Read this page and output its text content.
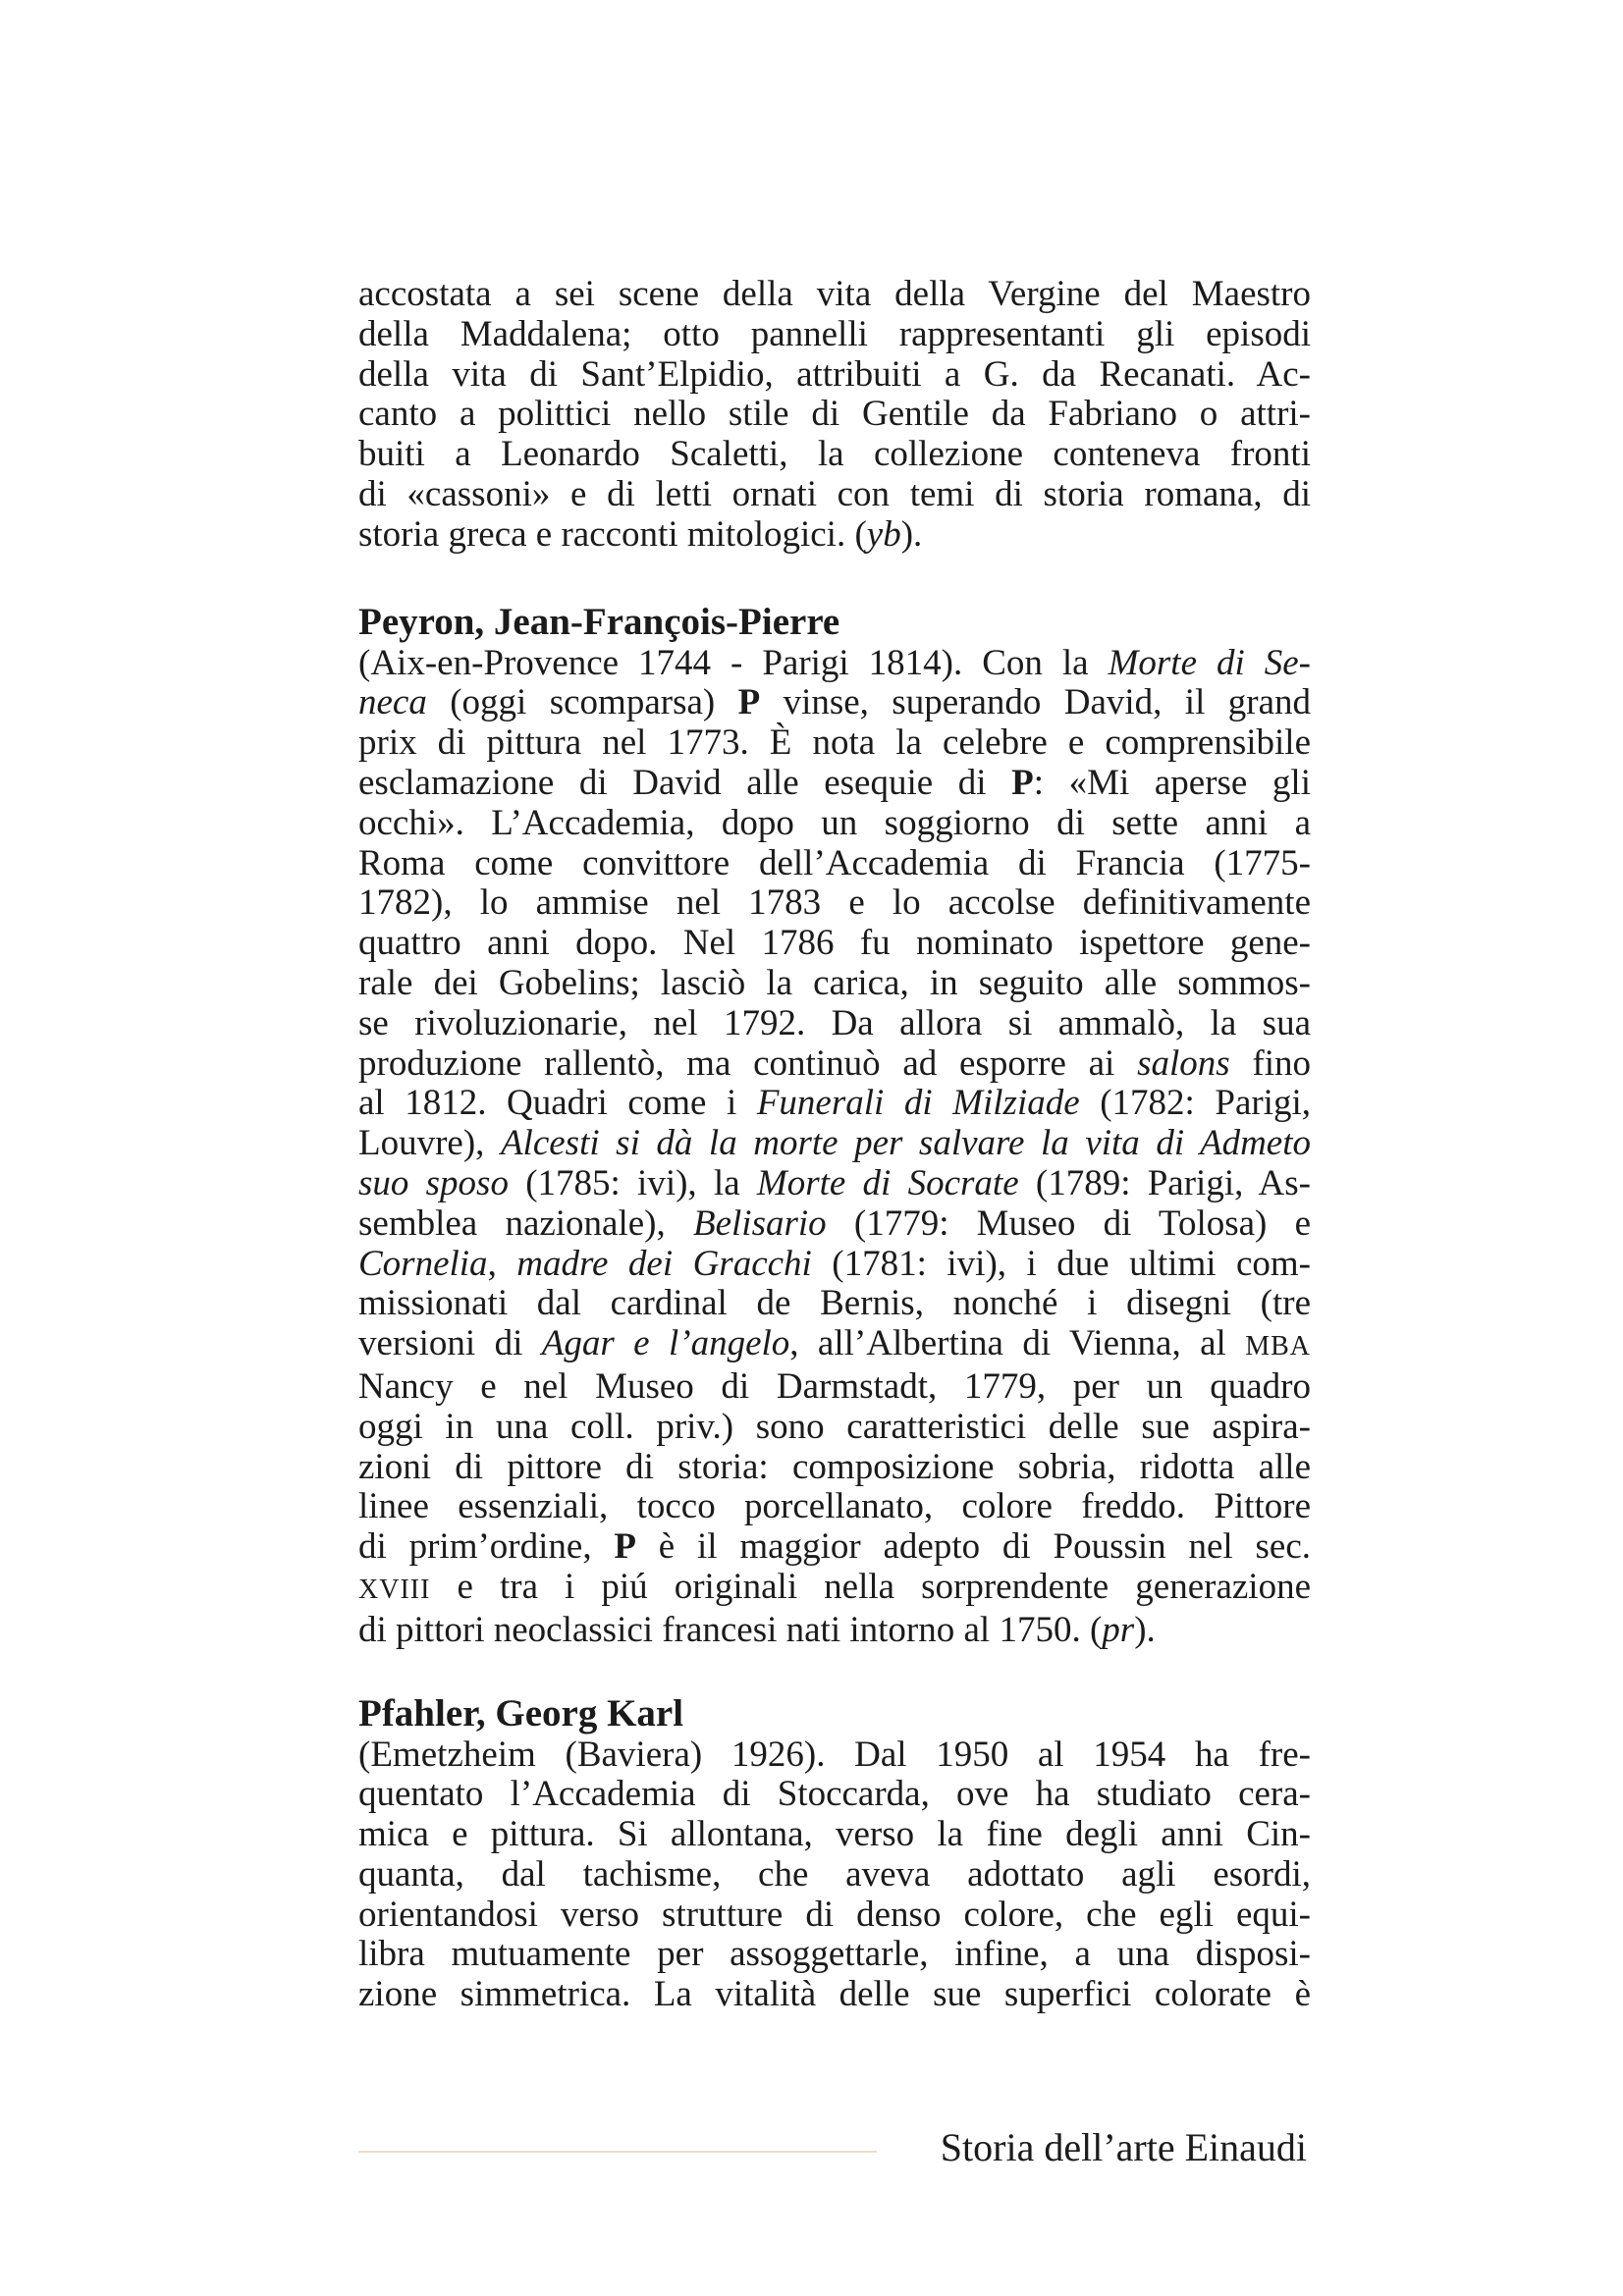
accostata a sei scene della vita della Vergine del Maestro
della Maddalena; otto pannelli rappresentanti gli episodi
della vita di Sant’Elpidio, attribuiti a G. da Recanati. Ac-
canto a polittici nello stile di Gentile da Fabriano o attri-
buiti a Leonardo Scaletti, la collezione conteneva fronti
di «cassoni» e di letti ornati con temi di storia romana, di
storia greca e racconti mitologici. (yb).

Peyron, Jean-François-Pierre

(Aix-en-Provence 1744 - Parigi 1814). Con la Morte di Se-
neca (oggi scomparsa) P vinse, superando David, il grand
prix di pittura nel 1773. È nota la celebre e comprensibile
esclamazione di David alle esequie di P: «Mi aperse gli
occhi». L’Accademia, dopo un soggiorno di sette anni a
Roma come convittore dell’Accademia di Francia (1775-
1782), lo ammise nel 1783 e lo accolse definitivamente
quattro anni dopo. Nel 1786 fu nominato ispettore gene-
rale dei Gobelins; lasciò la carica, in seguito alle sommos-
se rivoluzionarie, nel 1792. Da allora si ammalò, la sua
produzione rallentò, ma continuò ad esporre ai salons fino
al 1812. Quadri come i Funerali di Milziade (1782: Parigi,
Louvre), Alcesti si dà la morte per salvare la vita di Admeto
suo sposo (1785: ivi), la Morte di Socrate (1789: Parigi, As-
semblea nazionale), Belisario (1779: Museo di Tolosa) e
Cornelia, madre dei Gracchi (1781: ivi), i due ultimi com-
missionati dal cardinal de Bernis, nonché i disegni (tre
versioni di Agar e l’angelo, all’Albertina di Vienna, al MBA
Nancy e nel Museo di Darmstadt, 1779, per un quadro
oggi in una coll. priv.) sono caratteristici delle sue aspira-
zioni di pittore di storia: composizione sobria, ridotta alle
linee essenziali, tocco porcellanato, colore freddo. Pittore
di prim’ordine, P è il maggior adepto di Poussin nel sec.
XVIII e tra i piú originali nella sorprendente generazione
di pittori neoclassici francesi nati intorno al 1750. (pr).

Pfahler, Georg Karl

(Emetzheim (Baviera) 1926). Dal 1950 al 1954 ha fre-
quentato l’Accademia di Stoccarda, ove ha studiato cera-
mica e pittura. Si allontana, verso la fine degli anni Cin-
quanta, dal tachisme, che aveva adottato agli esordi,
orientandosi verso strutture di denso colore, che egli equi-
libra mutuamente per assoggettarle, infine, a una disposi-
zione simmetrica. La vitalità delle sue superfici colorate è

Storia dell’arte Einaudi
